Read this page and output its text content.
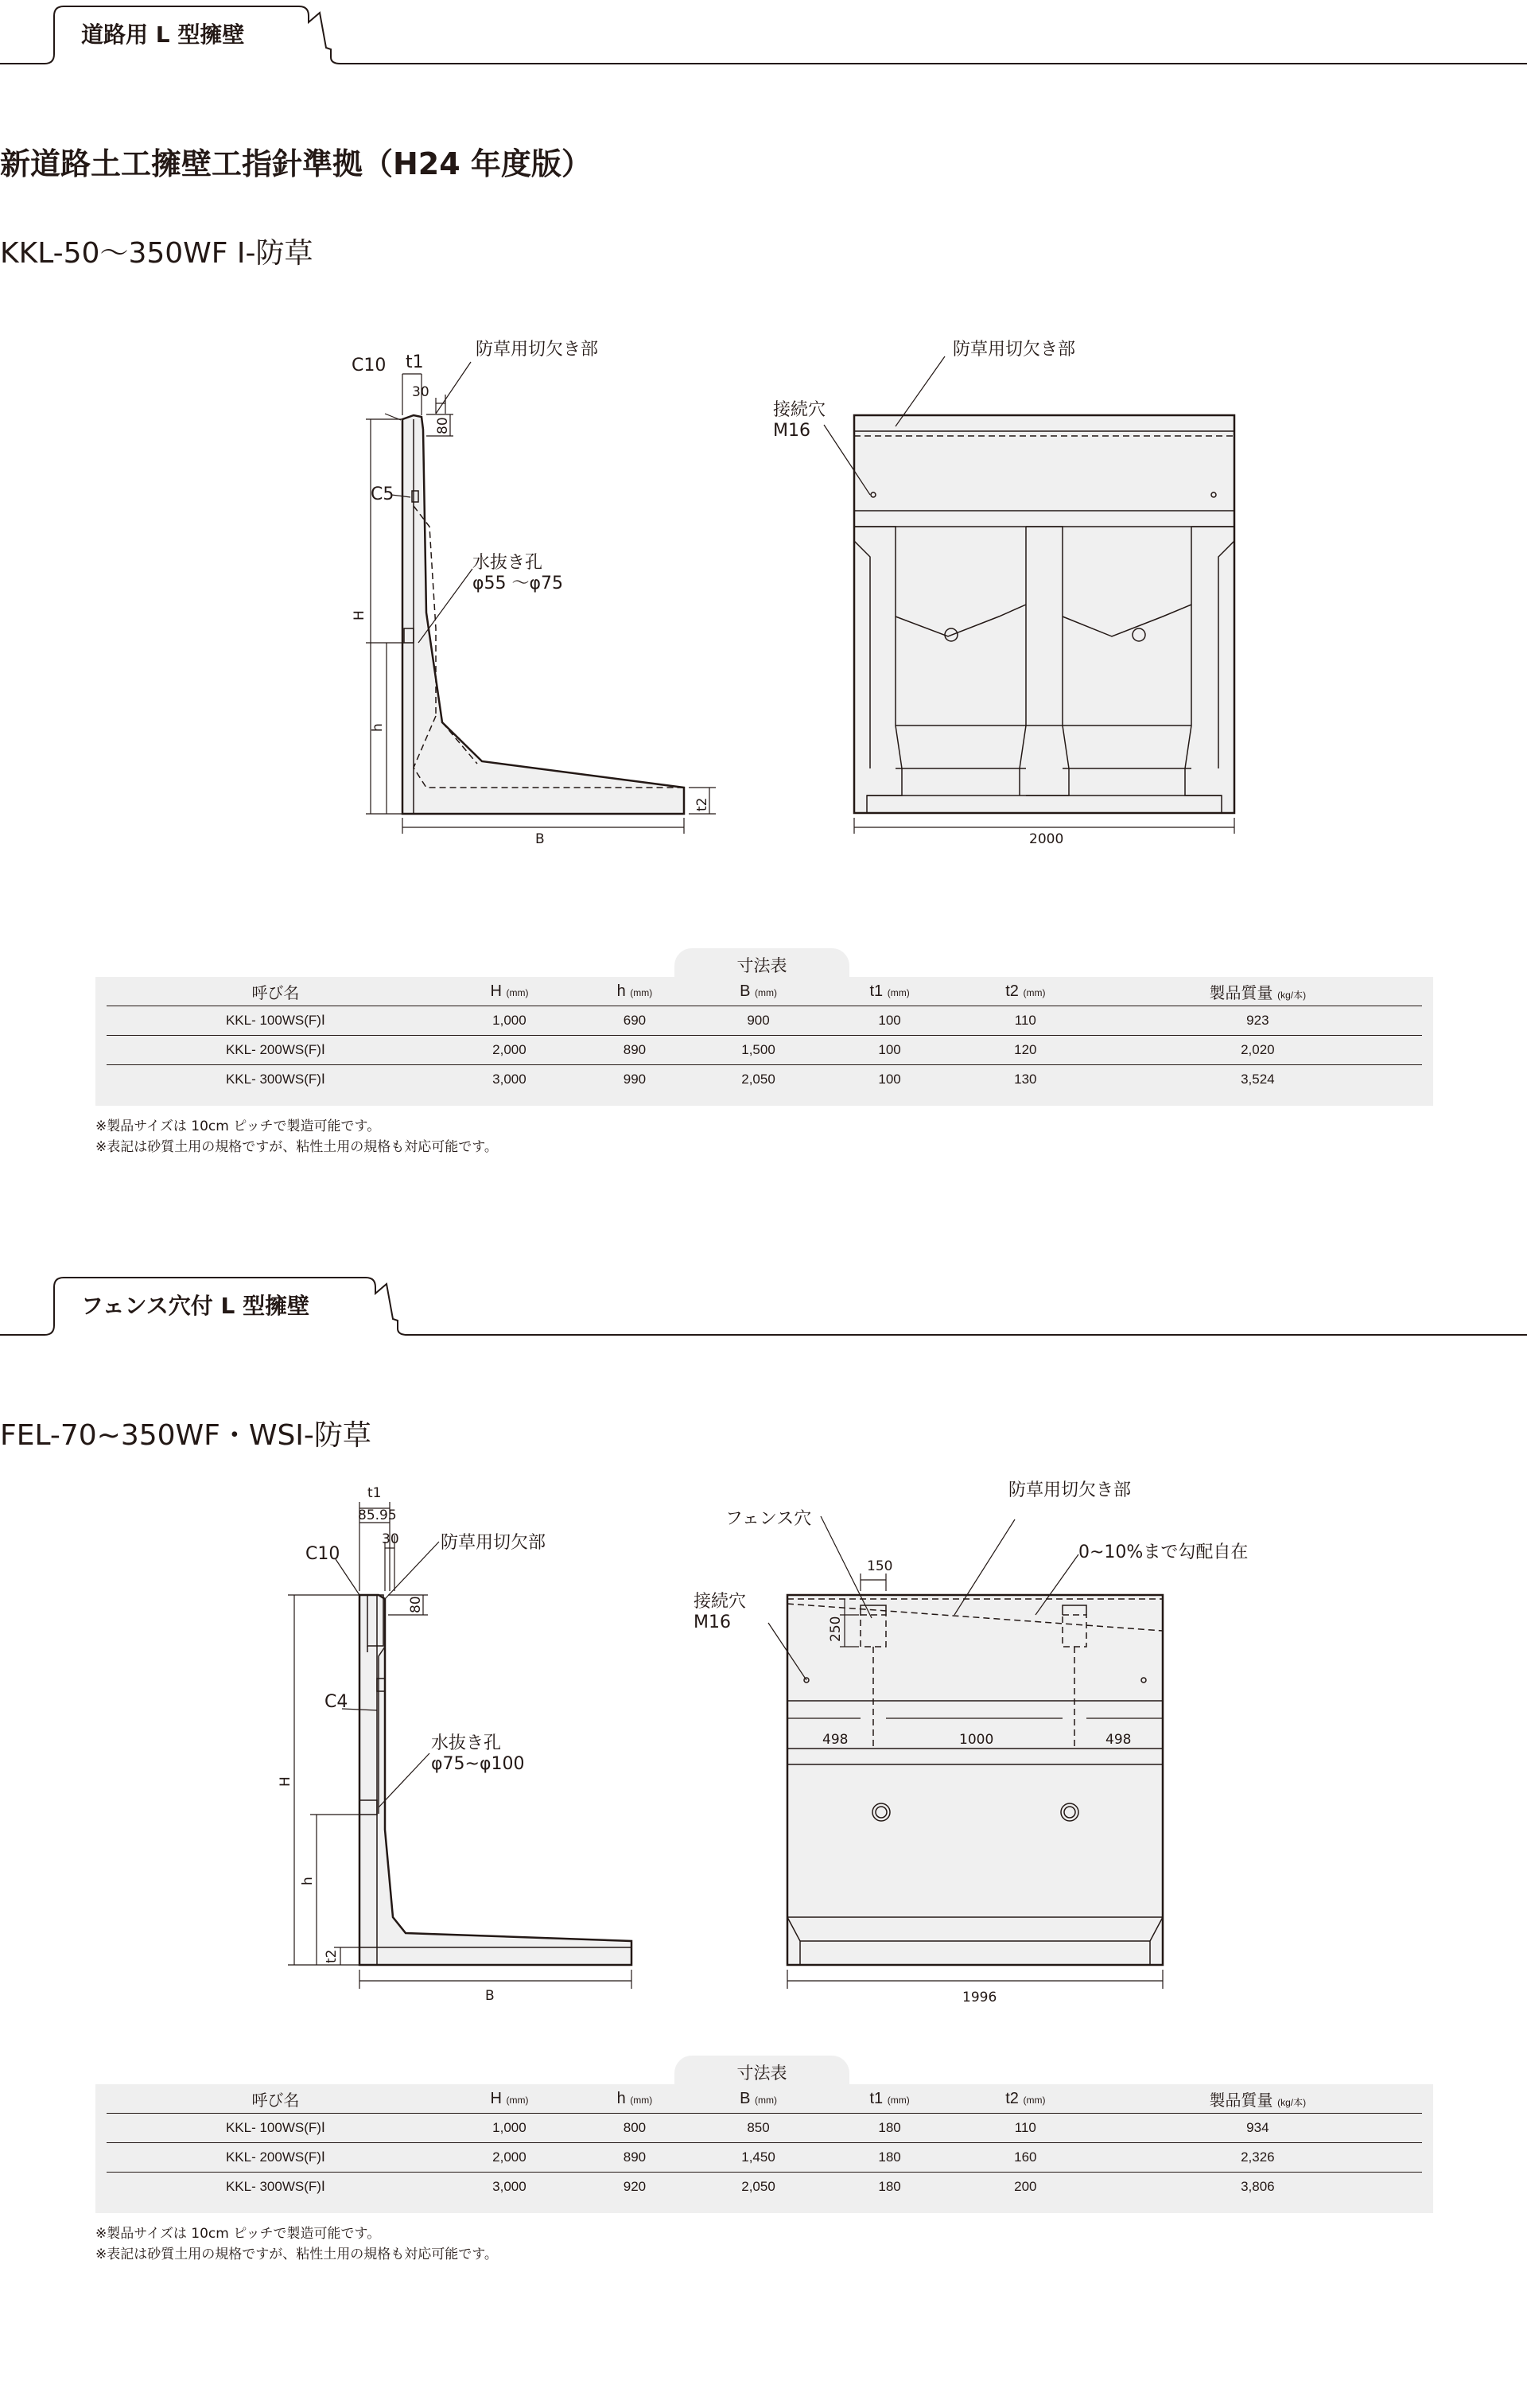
道路用 L 型擁壁
新道路土工擁壁工指針準拠（H24 年度版）
KKL-50〜350WF Ⅰ-防草
C10 t1
30
80
防草用切欠き部
C5
水抜き孔
φ55 〜φ75
H
h
t2
B
防草用切欠き部
接続穴
M16
2000
寸法表
呼び名	H (mm)	h (mm)	B (mm)	t1 (mm)	t2 (mm)	製品質量 (kg/本)
KKL- 100WS(F)Ⅰ	1,000	690	900	100	110	923
KKL- 200WS(F)Ⅰ	2,000	890	1,500	100	120	2,020
KKL- 300WS(F)Ⅰ	3,000	990	2,050	100	130	3,524
※製品サイズは 10cm ピッチで製造可能です。
※表記は砂質土用の規格ですが、粘性土用の規格も対応可能です。
フェンス穴付 L 型擁壁
FEL-70~350WF・WSI-防草
t1
85.95
30
C10
防草用切欠部
80
C4
水抜き孔
φ75~φ100
H
h
t2
B
防草用切欠き部
フェンス穴
150
0~10%まで勾配自在
接続穴
M16	250
498	1000	498
1996
寸法表
呼び名	H (mm)	h (mm)	B (mm)	t1 (mm)	t2 (mm)	製品質量 (kg/本)
KKL- 100WS(F)Ⅰ	1,000	800	850	180	110	934
KKL- 200WS(F)Ⅰ	2,000	890	1,450	180	160	2,326
KKL- 300WS(F)Ⅰ	3,000	920	2,050	180	200	3,806
※製品サイズは 10cm ピッチで製造可能です。
※表記は砂質土用の規格ですが、粘性土用の規格も対応可能です。
